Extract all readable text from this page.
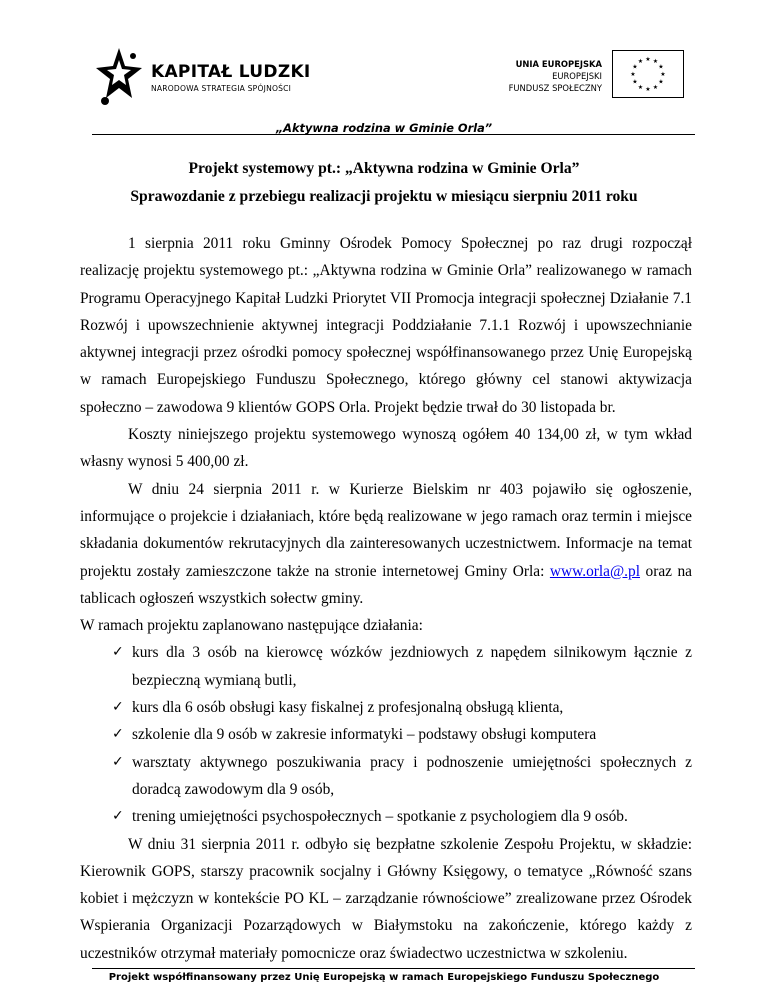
KAPITAŁ LUDZKI
NARODOWA STRATEGIA SPÓJNOŚCI
UNIA EUROPEJSKA
EUROPEJSKI
FUNDUSZ SPOŁECZNY
★ ★
★
★
★
★
★
★
★
★
★
★
„Aktywna rodzina w Gminie Orla”
Projekt systemowy pt.: „Aktywna rodzina w Gminie Orla”
Sprawozdanie z przebiegu realizacji projektu w miesiącu sierpniu 2011 roku

1 sierpnia 2011 roku Gminny Ośrodek Pomocy Społecznej po raz drugi rozpoczął realizację projektu systemowego pt.: „Aktywna rodzina w Gminie Orla” realizowanego w ramach Programu Operacyjnego Kapitał Ludzki Priorytet VII Promocja integracji społecznej Działanie 7.1 Rozwój i upowszechnienie aktywnej integracji Poddziałanie 7.1.1 Rozwój i upowszechnianie aktywnej integracji przez ośrodki pomocy społecznej współfinansowanego przez Unię Europejską w ramach Europejskiego Funduszu Społecznego, którego główny cel stanowi aktywizacja społeczno – zawodowa 9 klientów GOPS Orla. Projekt będzie trwał do 30 listopada br.

Koszty niniejszego projektu systemowego wynoszą ogółem 40 134,00 zł, w tym wkład własny wynosi 5 400,00 zł.

W dniu 24 sierpnia 2011 r. w Kurierze Bielskim nr 403 pojawiło się ogłoszenie, informujące o projekcie i działaniach, które będą realizowane w jego ramach oraz termin i miejsce składania dokumentów rekrutacyjnych dla zainteresowanych uczestnictwem. Informacje na temat projektu zostały zamieszczone także na stronie internetowej Gminy Orla: www.orla@.pl oraz na tablicach ogłoszeń wszystkich sołectw gminy.

W ramach projektu zaplanowano następujące działania:

✓ kurs dla 3 osób na kierowcę wózków jezdniowych z napędem silnikowym łącznie z bezpieczną wymianą butli,
✓ kurs dla 6 osób obsługi kasy fiskalnej z profesjonalną obsługą klienta,
✓ szkolenie dla 9 osób w zakresie informatyki – podstawy obsługi komputera
✓ warsztaty aktywnego poszukiwania pracy i podnoszenie umiejętności społecznych z doradcą zawodowym dla 9 osób,
✓ trening umiejętności psychospołecznych – spotkanie z psychologiem dla 9 osób.

W dniu 31 sierpnia 2011 r. odbyło się bezpłatne szkolenie Zespołu Projektu, w składzie: Kierownik GOPS, starszy pracownik socjalny i Główny Księgowy, o tematyce „Równość szans kobiet i mężczyzn w kontekście PO KL – zarządzanie równościowe” zrealizowane przez Ośrodek Wspierania Organizacji Pozarządowych w Białymstoku na zakończenie, którego każdy z uczestników otrzymał materiały pomocnicze oraz świadectwo uczestnictwa w szkoleniu.

Projekt współfinansowany przez Unię Europejską w ramach Europejskiego Funduszu Społecznego
